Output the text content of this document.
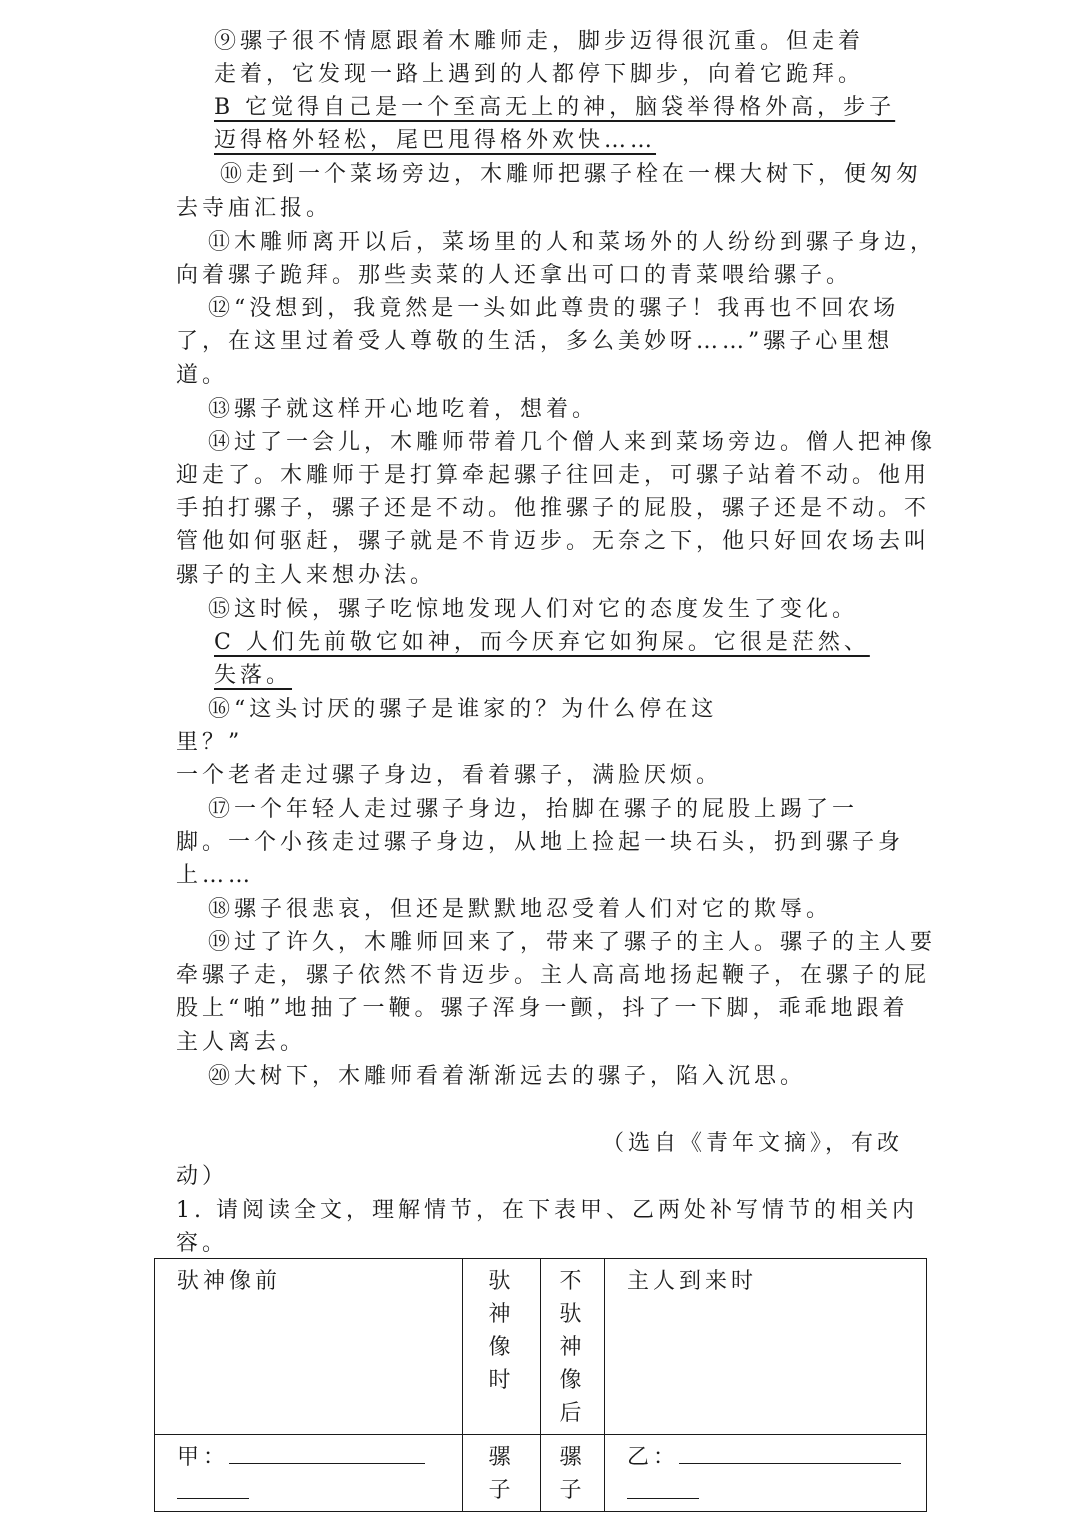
⑨骡子很不情愿跟着木雕师走，脚步迈得很沉重。但走着
走着，它发现一路上遇到的人都停下脚步，向着它跪拜。
B 它觉得自己是一个至高无上的神，脑袋举得格外高，步子
迈得格外轻松，尾巴甩得格外欢快……
⑩走到一个菜场旁边，木雕师把骡子栓在一棵大树下，便匆匆
去寺庙汇报。
⑪木雕师离开以后，菜场里的人和菜场外的人纷纷到骡子身边，
向着骡子跪拜。那些卖菜的人还拿出可口的青菜喂给骡子。
⑫“没想到，我竟然是一头如此尊贵的骡子！我再也不回农场
了，在这里过着受人尊敬的生活，多么美妙呀……”骡子心里想
道。
⑬骡子就这样开心地吃着，想着。
⑭过了一会儿，木雕师带着几个僧人来到菜场旁边。僧人把神像
迎走了。木雕师于是打算牵起骡子往回走，可骡子站着不动。他用
手拍打骡子，骡子还是不动。他推骡子的屁股，骡子还是不动。不
管他如何驱赶，骡子就是不肯迈步。无奈之下，他只好回农场去叫
骡子的主人来想办法。
⑮这时候，骡子吃惊地发现人们对它的态度发生了变化。
C 人们先前敬它如神，而今厌弃它如狗屎。它很是茫然、
失落。
⑯“这头讨厌的骡子是谁家的？为什么停在这
里？”
一个老者走过骡子身边，看着骡子，满脸厌烦。
⑰一个年轻人走过骡子身边，抬脚在骡子的屁股上踢了一
脚。一个小孩走过骡子身边，从地上捡起一块石头，扔到骡子身
上……
⑱骡子很悲哀，但还是默默地忍受着人们对它的欺辱。
⑲过了许久，木雕师回来了，带来了骡子的主人。骡子的主人要
牵骡子走，骡子依然不肯迈步。主人高高地扬起鞭子，在骡子的屁
股上“啪”地抽了一鞭。骡子浑身一颤，抖了一下脚，乖乖地跟着
主人离去。
⑳大树下，木雕师看着渐渐远去的骡子，陷入沉思。
（选自《青年文摘》，有改
动）
1. 请阅读全文，理解情节，在下表甲、乙两处补写情节的相关内
容。
驮神像前	驮神像时	不驮神像后	主人到来时
甲：	骡子	骡子	乙：
